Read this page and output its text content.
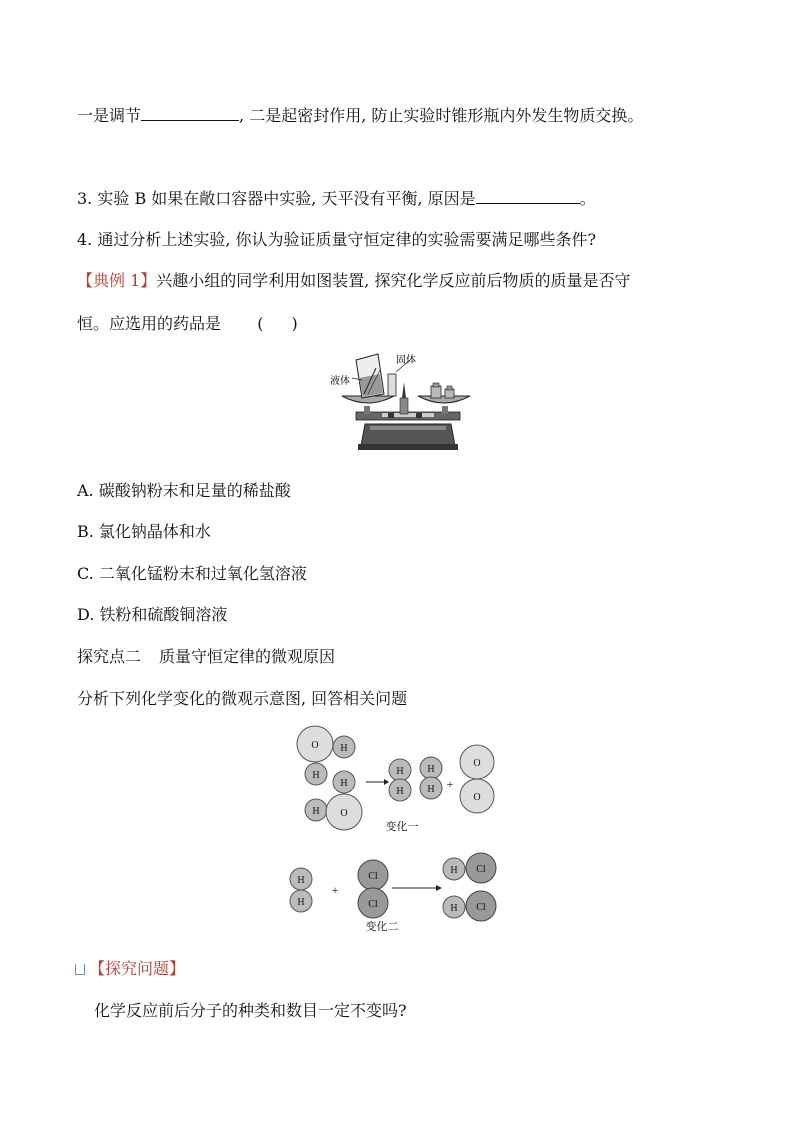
一是调节	, 二是起密封作用, 防止实验时锥形瓶内外发生物质交换。
3. 实验 B 如果在敞口容器中实验, 天平没有平衡, 原因是	。
4. 通过分析上述实验, 你认为验证质量守恒定律的实验需要满足哪些条件?
【典例 1】兴趣小组的同学利用如图装置, 探究化学反应前后物质的质量是否守
恒。应选用的药品是 ( )
固体
液体
A. 碳酸钠粉末和足量的稀盐酸
B. 氯化钠晶体和水
C. 二氧化锰粉末和过氧化氢溶液
D. 铁粉和硫酸铜溶液
探究点二 质量守恒定律的微观原因
分析下列化学变化的微观示意图, 回答相关问题
O H
H
H
H O
H
H
H
H +
O
O
变化一
H
H
+
Cl
Cl
H Cl
H Cl
变化二
【探究问题】
化学反应前后分子的种类和数目一定不变吗?
